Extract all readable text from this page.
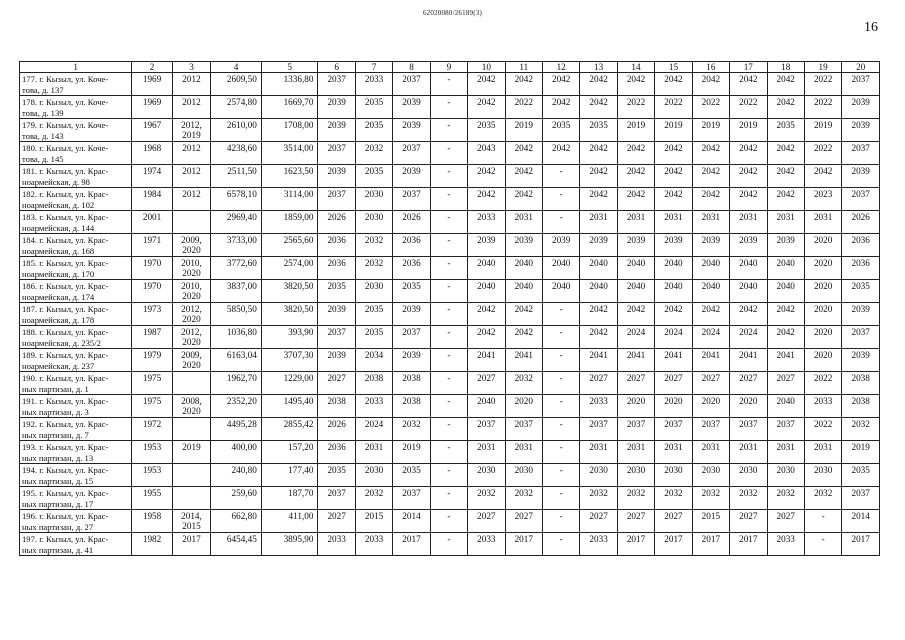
62020080/26189(3)
16
1	2	3	4	5	6	7	8	9	10	11	12	13	14	15	16	17	18	19	20
177. г. Кызыл, ул. Коче-
това, д. 137	1969	2012	2609,50	1336,80	2037	2033	2037	-	2042	2042	2042	2042	2042	2042	2042	2042	2042	2022	2037
178. г. Кызыл, ул. Коче-
това, д. 139	1969	2012	2574,80	1669,70	2039	2035	2039	-	2042	2022	2042	2042	2022	2022	2022	2022	2042	2022	2039
179. г. Кызыл, ул. Коче-
това, д. 143	1967	2012,
2019	2610,00	1708,00	2039	2035	2039	-	2035	2019	2035	2035	2019	2019	2019	2019	2035	2019	2039
180. г. Кызыл, ул. Коче-
това, д. 145	1968	2012	4238,60	3514,00	2037	2032	2037	-	2043	2042	2042	2042	2042	2042	2042	2042	2042	2022	2037
181. г. Кызыл, ул. Крас-
ноармейская, д. 98	1974	2012	2511,50	1623,50	2039	2035	2039	-	2042	2042	-	2042	2042	2042	2042	2042	2042	2042	2039
182. г. Кызыл, ул. Крас-
ноармейская, д. 102	1984	2012	6578,10	3114,00	2037	2030	2037	-	2042	2042	-	2042	2042	2042	2042	2042	2042	2023	2037
183. г. Кызыл, ул. Крас-
ноармейская, д. 144	2001		2969,40	1859,00	2026	2030	2026	-	2033	2031	-	2031	2031	2031	2031	2031	2031	2031	2026
184. г. Кызыл, ул. Крас-
ноармейская, д. 168	1971	2009,
2020	3733,00	2565,60	2036	2032	2036	-	2039	2039	2039	2039	2039	2039	2039	2039	2039	2020	2036
185. г. Кызыл, ул. Крас-
ноармейская, д. 170	1970	2010,
2020	3772,60	2574,00	2036	2032	2036	-	2040	2040	2040	2040	2040	2040	2040	2040	2040	2020	2036
186. г. Кызыл, ул. Крас-
ноармейская, д. 174	1970	2010,
2020	3837,00	3820,50	2035	2030	2035	-	2040	2040	2040	2040	2040	2040	2040	2040	2040	2020	2035
187. г. Кызыл, ул. Крас-
ноармейская, д. 178	1973	2012,
2020	5850,50	3820,50	2039	2035	2039	-	2042	2042	-	2042	2042	2042	2042	2042	2042	2020	2039
188. г. Кызыл, ул. Крас-
ноармейская, д. 235/2	1987	2012,
2020	1036,80	393,90	2037	2035	2037	-	2042	2042	-	2042	2024	2024	2024	2024	2042	2020	2037
189. г. Кызыл, ул. Крас-
ноармейская, д. 237	1979	2009,
2020	6163,04	3707,30	2039	2034	2039	-	2041	2041	-	2041	2041	2041	2041	2041	2041	2020	2039
190. г. Кызыл, ул. Крас-
ных партизан, д. 1	1975		1962,70	1229,00	2027	2038	2038	-	2027	2032	-	2027	2027	2027	2027	2027	2027	2022	2038
191. г. Кызыл, ул. Крас-
ных партизан, д. 3	1975	2008,
2020	2352,20	1495,40	2038	2033	2038	-	2040	2020	-	2033	2020	2020	2020	2020	2040	2033	2038
192. г. Кызыл, ул. Крас-
ных партизан, д. 7	1972		4495,28	2855,42	2026	2024	2032	-	2037	2037	-	2037	2037	2037	2037	2037	2037	2022	2032
193. г. Кызыл, ул. Крас-
ных партизан, д. 13	1953	2019	400,00	157,20	2036	2031	2019	-	2031	2031	-	2031	2031	2031	2031	2031	2031	2031	2019
194. г. Кызыл, ул. Крас-
ных партизан, д. 15	1953		240,80	177,40	2035	2030	2035	-	2030	2030	-	2030	2030	2030	2030	2030	2030	2030	2035
195. г. Кызыл, ул. Крас-
ных партизан, д. 17	1955		259,60	187,70	2037	2032	2037	-	2032	2032	-	2032	2032	2032	2032	2032	2032	2032	2037
196. г. Кызыл, ул. Крас-
ных партизан, д. 27	1958	2014,
2015	662,80	411,00	2027	2015	2014	-	2027	2027	-	2027	2027	2027	2015	2027	2027	-	2014
197. г. Кызыл, ул. Крас-
ных партизан, д. 41	1982	2017	6454,45	3895,90	2033	2033	2017	-	2033	2017	-	2033	2017	2017	2017	2017	2033	-	2017
